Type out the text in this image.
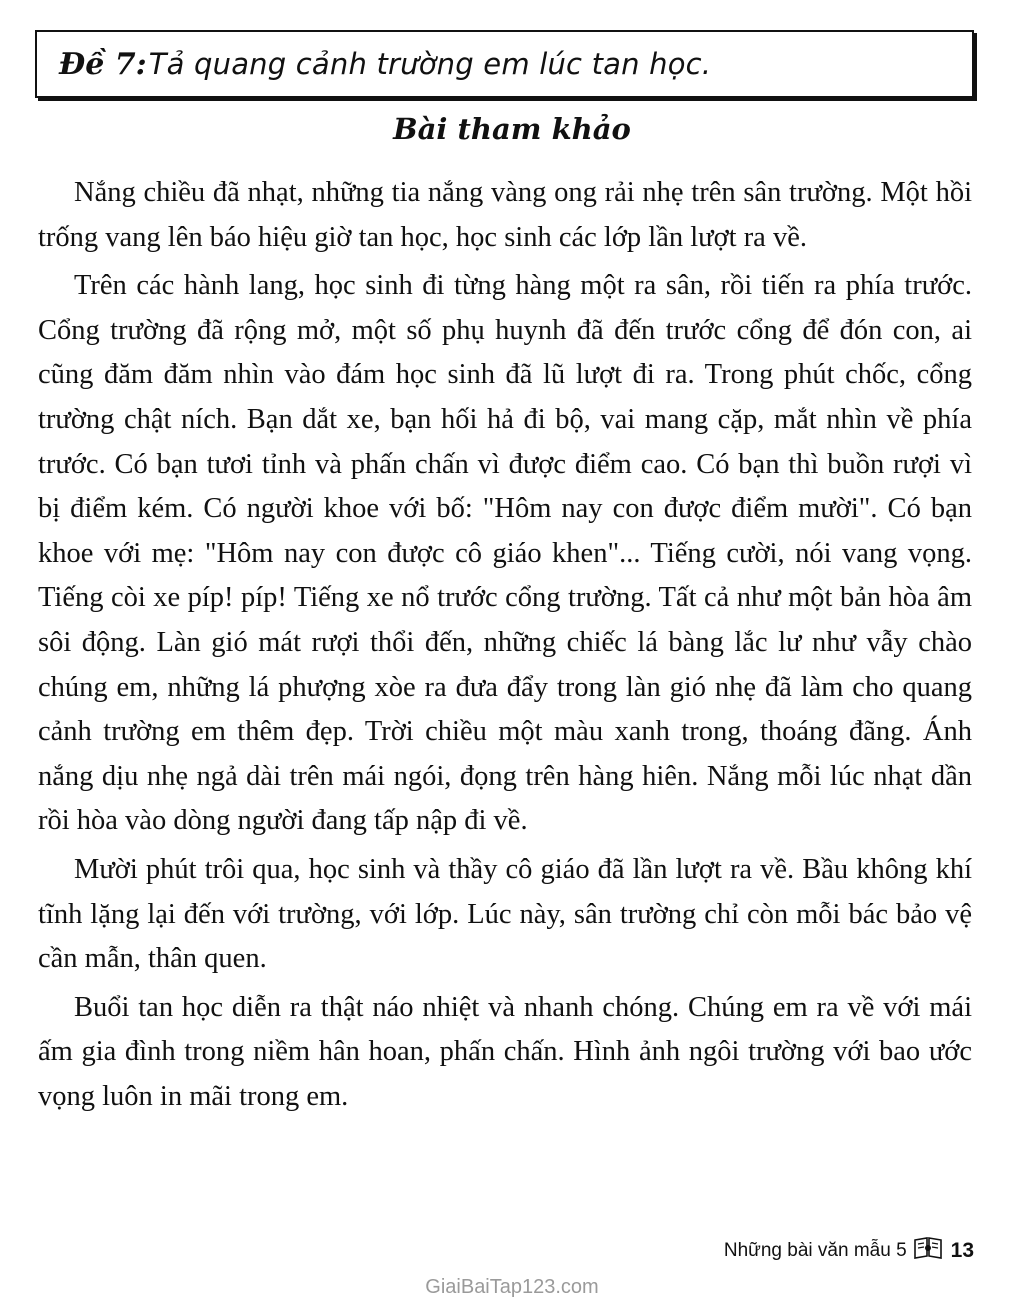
Đề 7: Tả quang cảnh trường em lúc tan học.
Bài tham khảo

Nắng chiều đã nhạt, những tia nắng vàng ong rải nhẹ trên sân trường. Một hồi trống vang lên báo hiệu giờ tan học, học sinh các lớp lần lượt ra về.

Trên các hành lang, học sinh đi từng hàng một ra sân, rồi tiến ra phía trước. Cổng trường đã rộng mở, một số phụ huynh đã đến trước cổng để đón con, ai cũng đăm đăm nhìn vào đám học sinh đã lũ lượt đi ra. Trong phút chốc, cổng trường chật ních. Bạn dắt xe, bạn hối hả đi bộ, vai mang cặp, mắt nhìn về phía trước. Có bạn tươi tỉnh và phấn chấn vì được điểm cao. Có bạn thì buồn rượi vì bị điểm kém. Có người khoe với bố: "Hôm nay con được điểm mười". Có bạn khoe với mẹ: "Hôm nay con được cô giáo khen"... Tiếng cười, nói vang vọng. Tiếng còi xe píp! píp! Tiếng xe nổ trước cổng trường. Tất cả như một bản hòa âm sôi động. Làn gió mát rượi thổi đến, những chiếc lá bàng lắc lư như vẫy chào chúng em, những lá phượng xòe ra đưa đẩy trong làn gió nhẹ đã làm cho quang cảnh trường em thêm đẹp. Trời chiều một màu xanh trong, thoáng đãng. Ánh nắng dịu nhẹ ngả dài trên mái ngói, đọng trên hàng hiên. Nắng mỗi lúc nhạt dần rồi hòa vào dòng người đang tấp nập đi về.

Mười phút trôi qua, học sinh và thầy cô giáo đã lần lượt ra về. Bầu không khí tĩnh lặng lại đến với trường, với lớp. Lúc này, sân trường chỉ còn mỗi bác bảo vệ cần mẫn, thân quen.

Buổi tan học diễn ra thật náo nhiệt và nhanh chóng. Chúng em ra về với mái ấm gia đình trong niềm hân hoan, phấn chấn. Hình ảnh ngôi trường với bao ước vọng luôn in mãi trong em.

Những bài văn mẫu 5 13
GiaiBaiTap123.com
